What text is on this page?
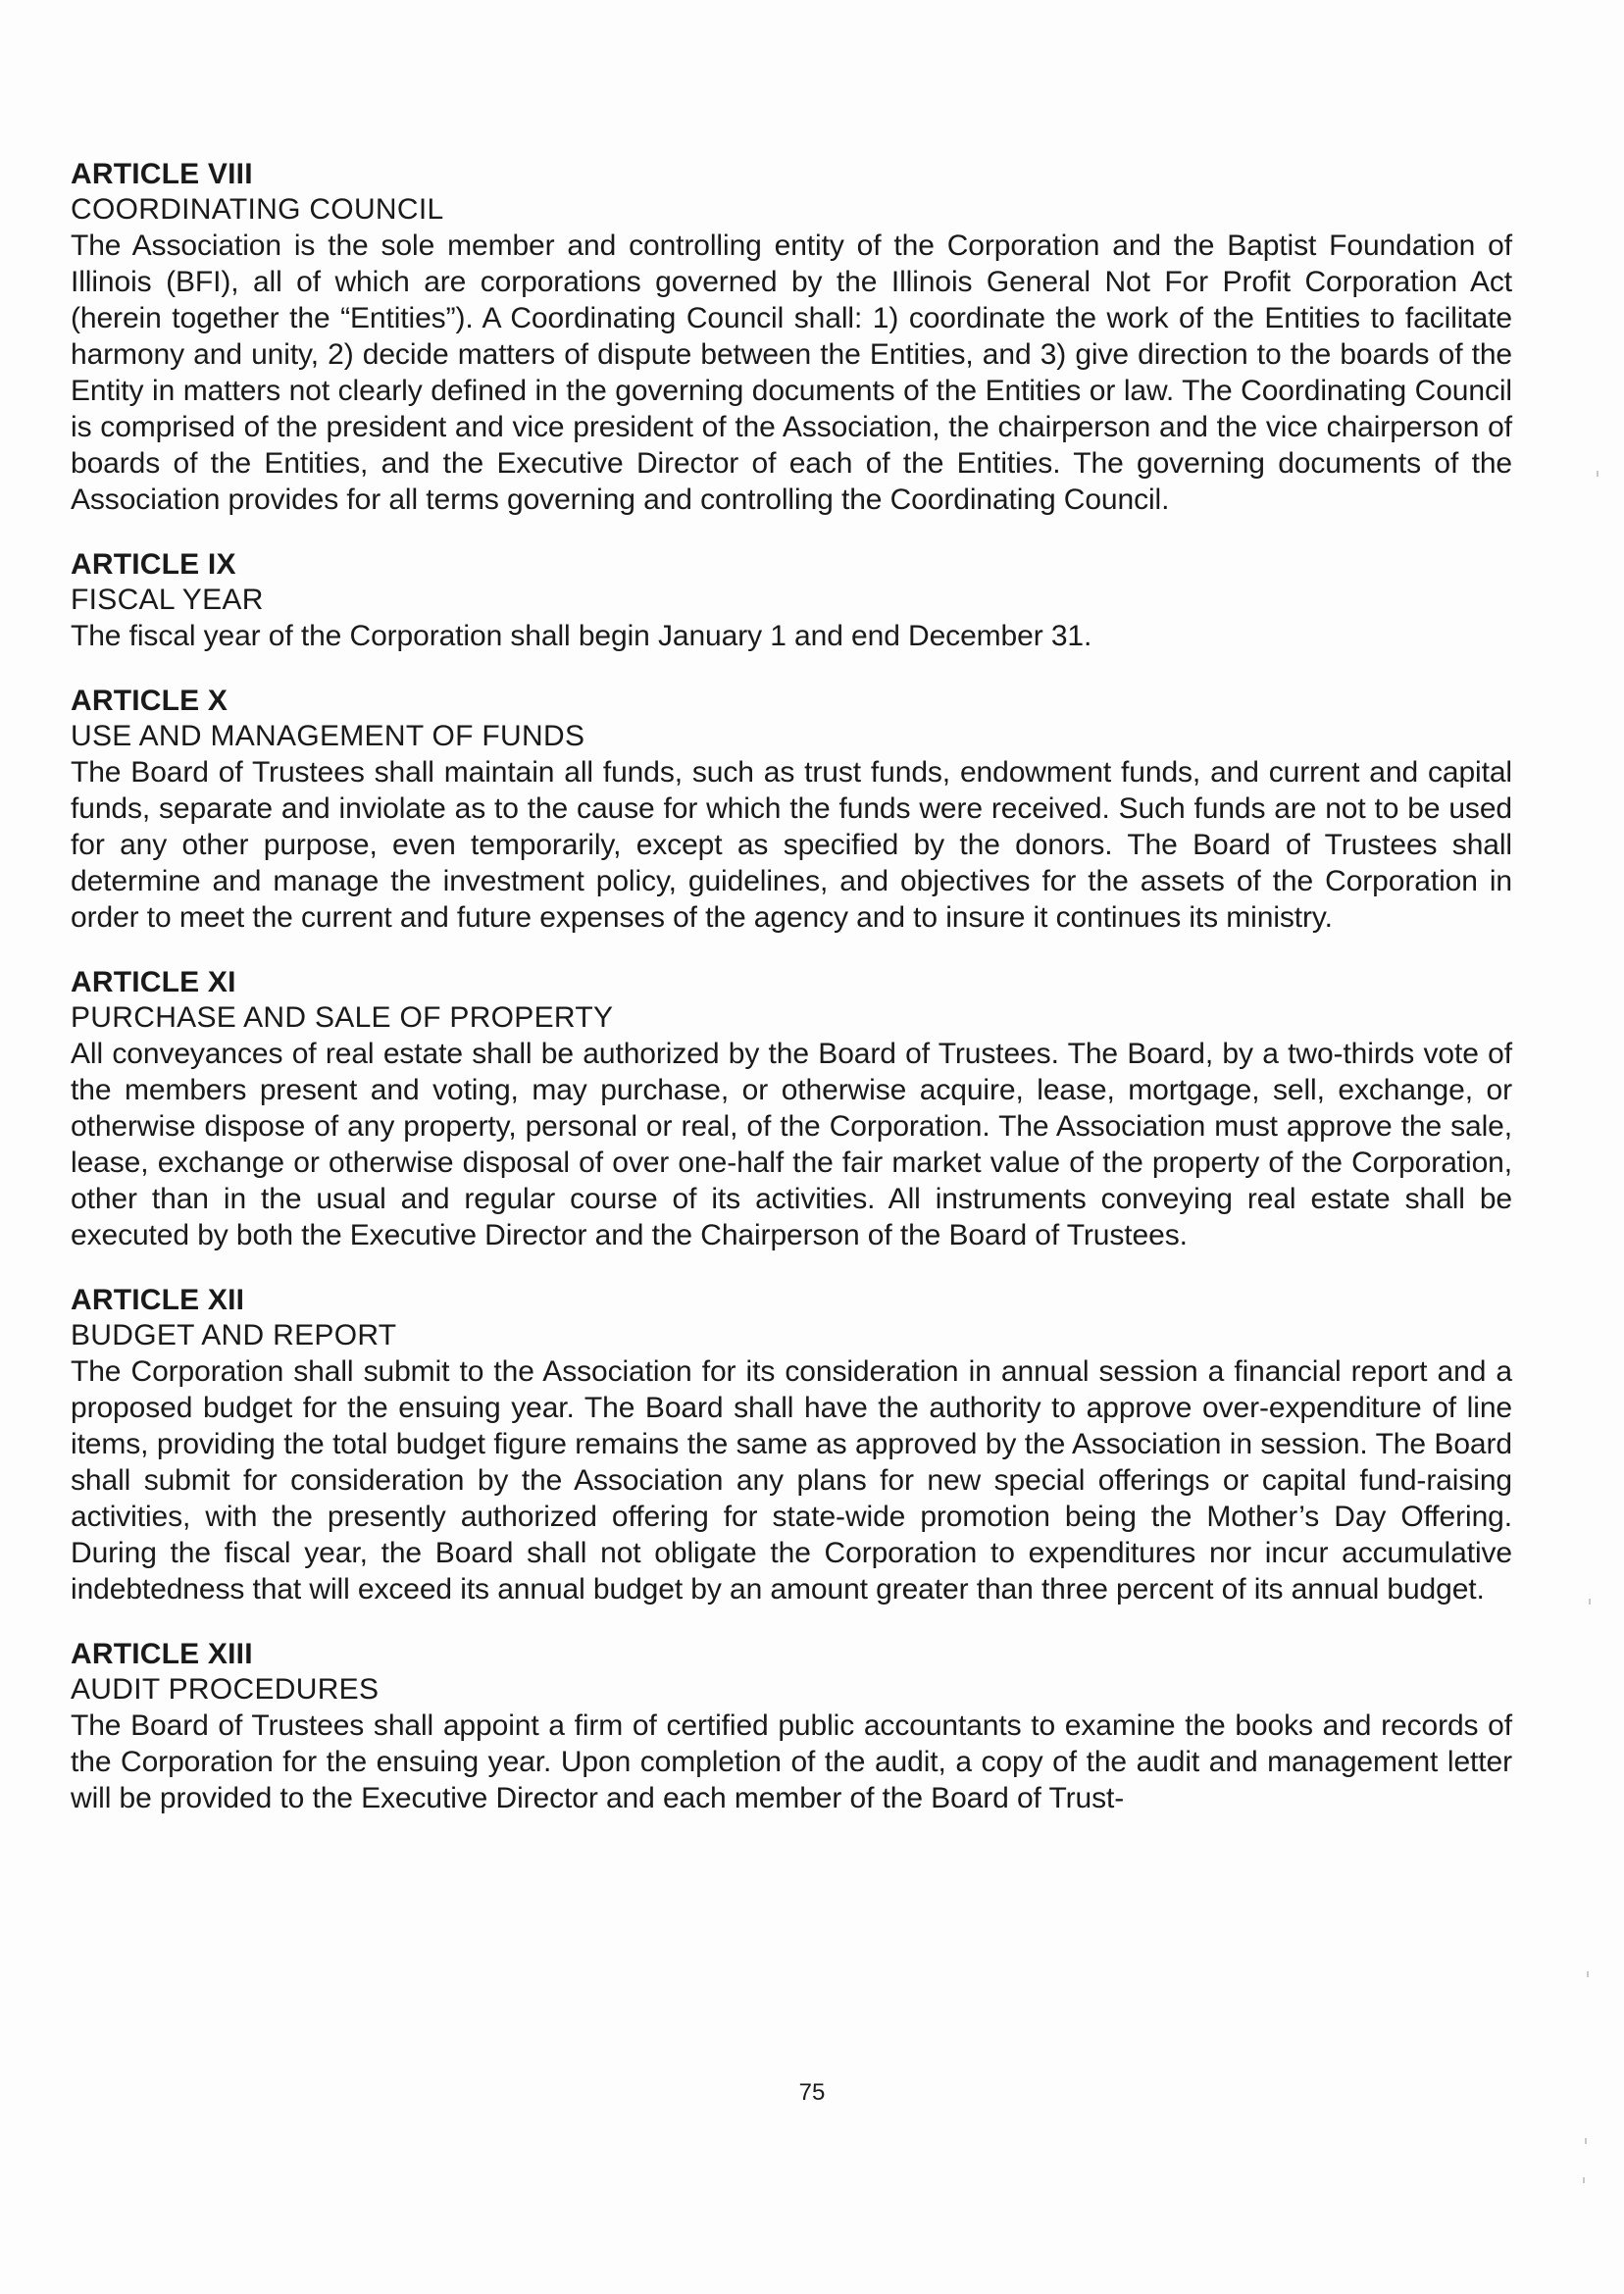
ARTICLE VIII

COORDINATING COUNCIL

The Association is the sole member and controlling entity of the Corporation and the Baptist Foundation of Illinois (BFI), all of which are corporations governed by the Illinois General Not For Profit Corporation Act (herein together the “Entities”). A Coordinating Council shall: 1) coordinate the work of the Entities to facilitate harmony and unity, 2) decide matters of dispute between the Entities, and 3) give direction to the boards of the Entity in matters not clearly defined in the governing documents of the Entities or law. The Coordinating Council is comprised of the president and vice president of the Association, the chairperson and the vice chairperson of boards of the Entities, and the Executive Director of each of the Entities. The governing documents of the Association provides for all terms governing and controlling the Coordinating Council.

ARTICLE IX

FISCAL YEAR

The fiscal year of the Corporation shall begin January 1 and end December 31.

ARTICLE X

USE AND MANAGEMENT OF FUNDS

The Board of Trustees shall maintain all funds, such as trust funds, endowment funds, and current and capital funds, separate and inviolate as to the cause for which the funds were received. Such funds are not to be used for any other purpose, even temporarily, except as specified by the donors. The Board of Trustees shall determine and manage the investment policy, guidelines, and objectives for the assets of the Corporation in order to meet the current and future expenses of the agency and to insure it continues its ministry.

ARTICLE XI

PURCHASE AND SALE OF PROPERTY

All conveyances of real estate shall be authorized by the Board of Trustees. The Board, by a two-thirds vote of the members present and voting, may purchase, or otherwise acquire, lease, mortgage, sell, exchange, or otherwise dispose of any property, personal or real, of the Corporation. The Association must approve the sale, lease, exchange or otherwise disposal of over one-half the fair market value of the property of the Corporation, other than in the usual and regular course of its activities. All instruments conveying real estate shall be executed by both the Executive Director and the Chairperson of the Board of Trustees.

ARTICLE XII

BUDGET AND REPORT

The Corporation shall submit to the Association for its consideration in annual session a financial report and a proposed budget for the ensuing year. The Board shall have the authority to approve over-expenditure of line items, providing the total budget figure remains the same as approved by the Association in session. The Board shall submit for consideration by the Association any plans for new special offerings or capital fund-raising activities, with the presently authorized offering for state-wide promotion being the Mother’s Day Offering. During the fiscal year, the Board shall not obligate the Corporation to expenditures nor incur accumulative indebtedness that will exceed its annual budget by an amount greater than three percent of its annual budget.

ARTICLE XIII

AUDIT PROCEDURES

The Board of Trustees shall appoint a firm of certified public accountants to examine the books and records of the Corporation for the ensuing year. Upon completion of the audit, a copy of the audit and management letter will be provided to the Executive Director and each member of the Board of Trust-

75
